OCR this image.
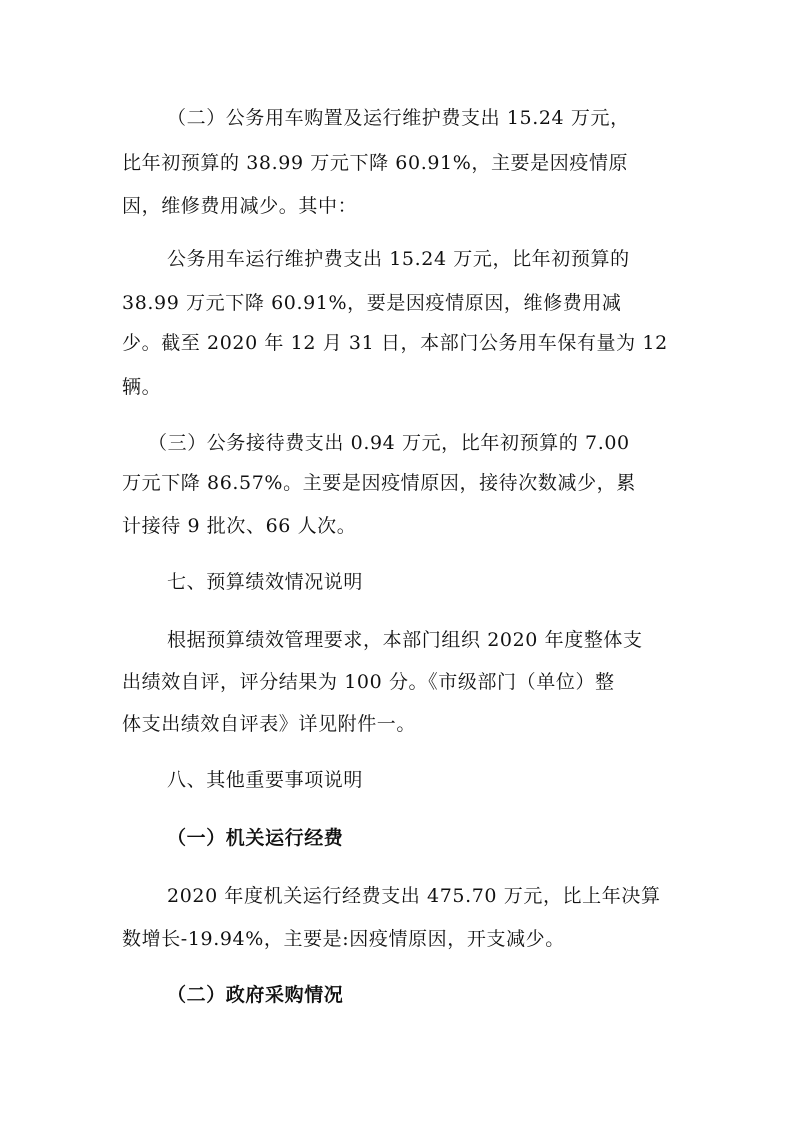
（二）公务用车购置及运行维护费支出 15.24 万元，
比年初预算的 38.99 万元下降 60.91%，主要是因疫情原
因，维修费用减少。其中：
公务用车运行维护费支出 15.24 万元，比年初预算的
38.99 万元下降 60.91%，要是因疫情原因，维修费用减
少。截至 2020 年 12 月 31 日，本部门公务用车保有量为 12
辆。
（三）公务接待费支出 0.94 万元，比年初预算的 7.00
万元下降 86.57%。主要是因疫情原因，接待次数减少，累
计接待 9 批次、66 人次。
七、预算绩效情况说明
根据预算绩效管理要求，本部门组织 2020 年度整体支
出绩效自评，评分结果为 100 分。《市级部门（单位）整
体支出绩效自评表》详见附件一。
八、其他重要事项说明
（一）机关运行经费
2020 年度机关运行经费支出 475.70 万元，比上年决算
数增长-19.94%，主要是:因疫情原因，开支减少。
（二）政府采购情况
